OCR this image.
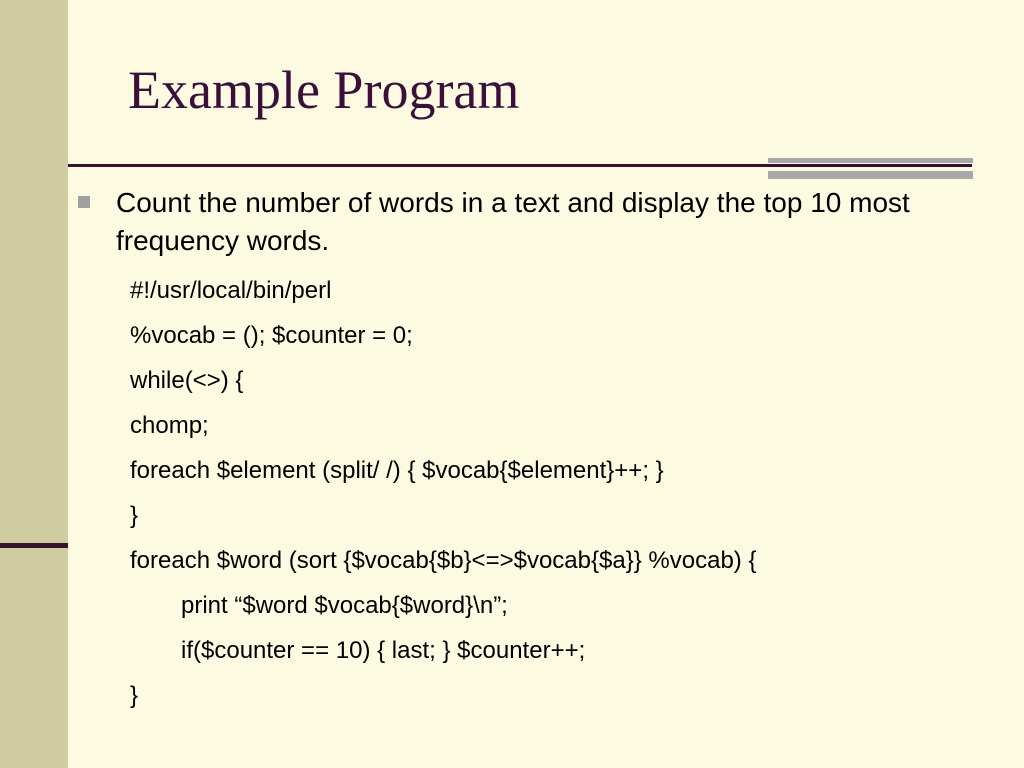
Example Program

Count the number of words in a text and display the top 10 most frequency words.

#!/usr/local/bin/perl
%vocab = (); $counter = 0;
while(<>) {
chomp;
foreach $element (split/ /) { $vocab{$element}++; }
}
foreach $word (sort {$vocab{$b}<=>$vocab{$a}} %vocab) {
print “$word $vocab{$word}\n”;
if($counter == 10) { last; } $counter++;
}
